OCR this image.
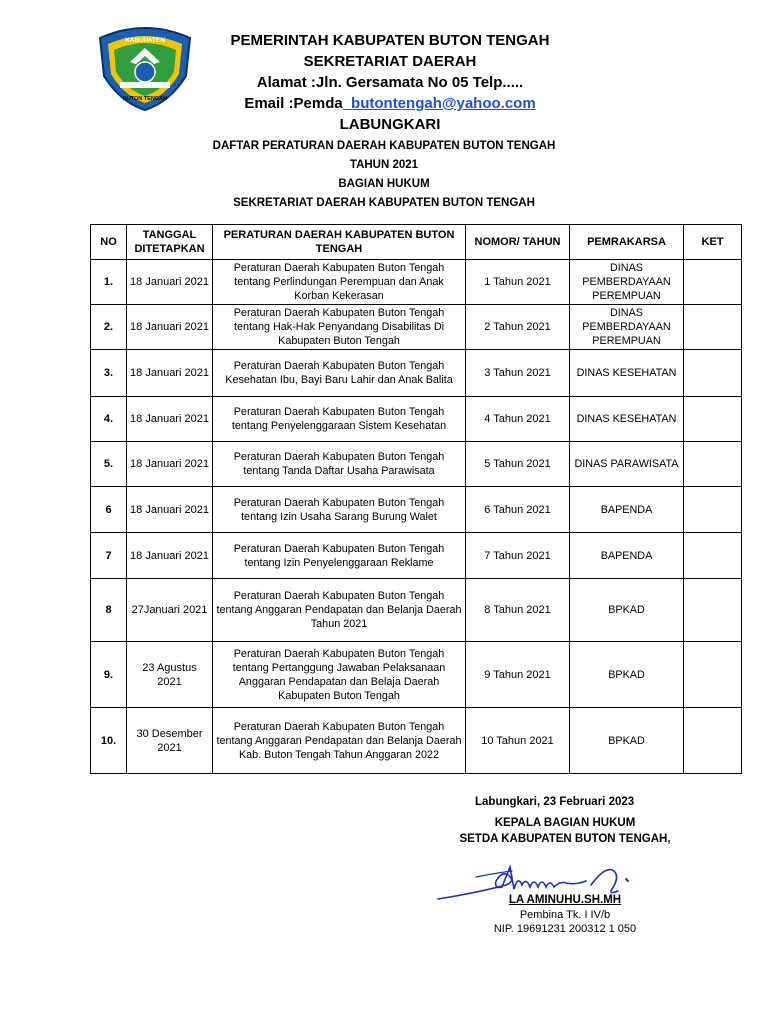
KABUPATEN
BUTON TENGAH
PEMERINTAH KABUPATEN BUTON TENGAH
SEKRETARIAT DAERAH
Alamat :Jln. Gersamata No 05 Telp.....
Email :Pemda_butontengah@yahoo.com
LABUNGKARI
DAFTAR PERATURAN DAERAH KABUPATEN BUTON TENGAH
TAHUN 2021
BAGIAN HUKUM
SEKRETARIAT DAERAH KABUPATEN BUTON TENGAH
NO	TANGGAL DITETAPKAN	PERATURAN DAERAH KABUPATEN BUTON TENGAH	NOMOR/ TAHUN	PEMRAKARSA	KET
1.	18 Januari 2021	Peraturan Daerah Kabupaten Buton Tengah tentang Perlindungan Perempuan dan Anak Korban Kekerasan	1 Tahun 2021	DINAS PEMBERDAYAAN PEREMPUAN	
2.	18 Januari 2021	Peraturan Daerah Kabupaten Buton Tengah tentang Hak-Hak Penyandang Disabilitas Di Kabupaten Buton Tengah	2 Tahun 2021	DINAS PEMBERDAYAAN PEREMPUAN	
3.	18 Januari 2021	Peraturan Daerah Kabupaten Buton Tengah Kesehatan Ibu, Bayi Baru Lahir dan Anak Balita	3 Tahun 2021	DINAS KESEHATAN	
4.	18 Januari 2021	Peraturan Daerah Kabupaten Buton Tengah tentang Penyelenggaraan Sistem Kesehatan	4 Tahun 2021	DINAS KESEHATAN	
5.	18 Januari 2021	Peraturan Daerah Kabupaten Buton Tengah tentang Tanda Daftar Usaha Parawisata	5 Tahun 2021	DINAS PARAWISATA	
6	18 Januari 2021	Peraturan Daerah Kabupaten Buton Tengah tentang Izin Usaha Sarang Burung Walet	6 Tahun 2021	BAPENDA	
7	18 Januari 2021	Peraturan Daerah Kabupaten Buton Tengah tentang Izin Penyelenggaraan Reklame	7 Tahun 2021	BAPENDA	
8	27Januari 2021	Peraturan Daerah Kabupaten Buton Tengah tentang Anggaran Pendapatan dan Belanja Daerah Tahun 2021	8 Tahun 2021	BPKAD	
9.	23 Agustus 2021	Peraturan Daerah Kabupaten Buton Tengah tentang Pertanggung Jawaban Pelaksanaan Anggaran Pendapatan dan Belaja Daerah Kabupaten Buton Tengah	9 Tahun 2021	BPKAD	
10.	30 Desember 2021	Peraturan Daerah Kabupaten Buton Tengah tentang Anggaran Pendapatan dan Belanja Daerah Kab. Buton Tengah Tahun Anggaran 2022	10 Tahun 2021	BPKAD	
Labungkari, 23 Februari 2023
KEPALA BAGIAN HUKUM
SETDA KABUPATEN BUTON TENGAH,
LA AMINUHU.SH.MH
Pembina Tk. I IV/b
NIP. 19691231 200312 1 050
